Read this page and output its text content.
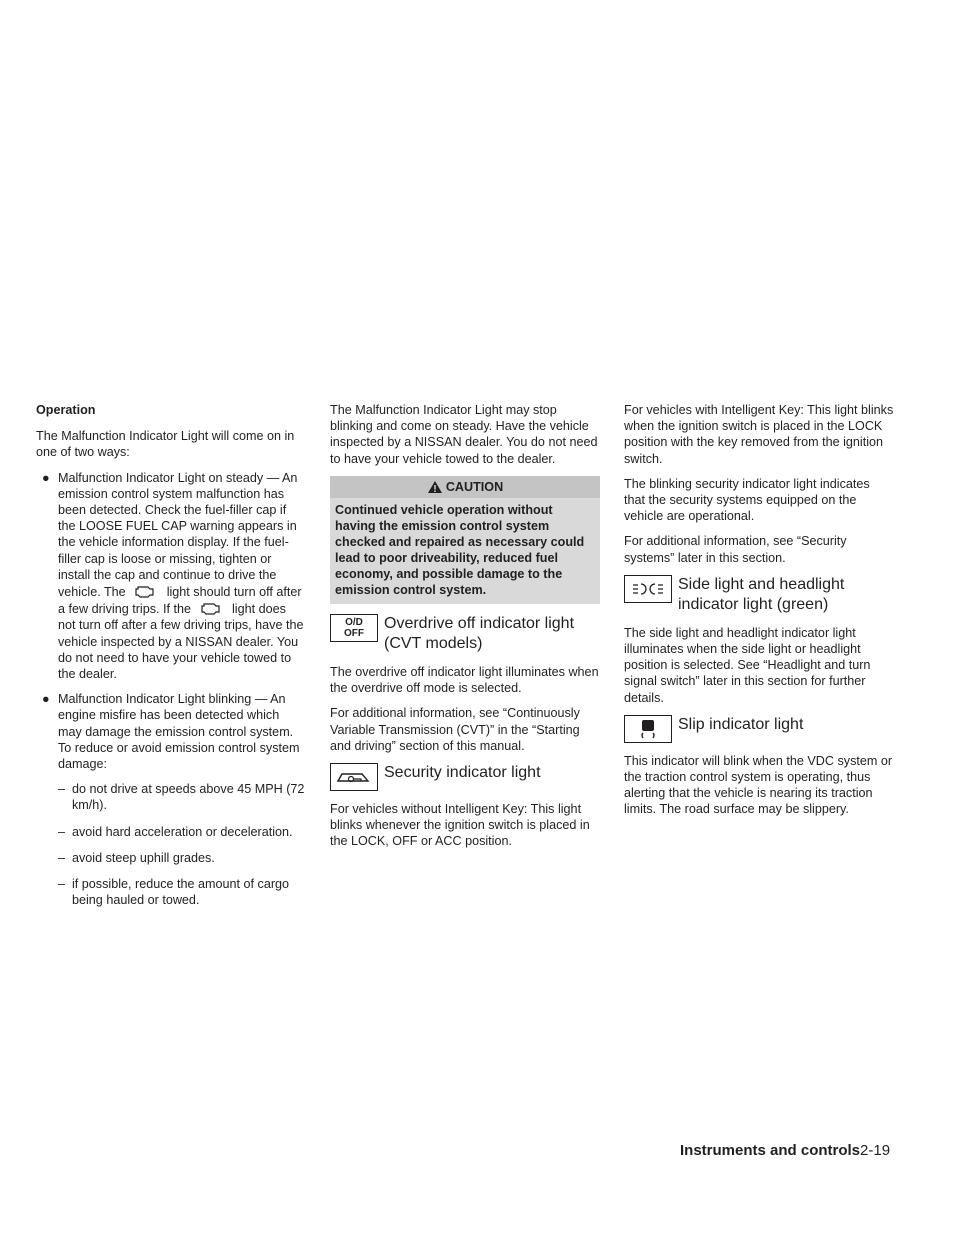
Operation

The Malfunction Indicator Light will come on in one of two ways:

● Malfunction Indicator Light on steady — An emission control system malfunction has been detected. Check the fuel-filler cap if the LOOSE FUEL CAP warning appears in the vehicle information display. If the fuel-filler cap is loose or missing, tighten or install the cap and continue to drive the vehicle. The	light should turn off after a few driving trips. If the	light does not turn off after a few driving trips, have the vehicle inspected by a NISSAN dealer. You do not need to have your vehicle towed to the dealer.
● Malfunction Indicator Light blinking — An engine misfire has been detected which may damage the emission control system. To reduce or avoid emission control system damage:
– do not drive at speeds above 45 MPH (72 km/h).
– avoid hard acceleration or deceleration.
– avoid steep uphill grades.
– if possible, reduce the amount of cargo being hauled or towed.

The Malfunction Indicator Light may stop blinking and come on steady. Have the vehicle inspected by a NISSAN dealer. You do not need to have your vehicle towed to the dealer.

CAUTION
Continued vehicle operation without having the emission control system checked and repaired as necessary could lead to poor driveability, reduced fuel economy, and possible damage to the emission control system.
O/D
OFF
Overdrive off indicator light (CVT models)

The overdrive off indicator light illuminates when the overdrive off mode is selected.

For additional information, see “Continuously Variable Transmission (CVT)” in the “Starting and driving” section of this manual.

Security indicator light

For vehicles without Intelligent Key: This light blinks whenever the ignition switch is placed in the LOCK, OFF or ACC position.

For vehicles with Intelligent Key: This light blinks when the ignition switch is placed in the LOCK position with the key removed from the ignition switch.

The blinking security indicator light indicates that the security systems equipped on the vehicle are operational.

For additional information, see “Security systems” later in this section.

Side light and headlight indicator light (green)

The side light and headlight indicator light illuminates when the side light or headlight position is selected. See “Headlight and turn signal switch” later in this section for further details.

Slip indicator light

This indicator will blink when the VDC system or the traction control system is operating, thus alerting that the vehicle is nearing its traction limits. The road surface may be slippery.

Instruments and controls2-19
